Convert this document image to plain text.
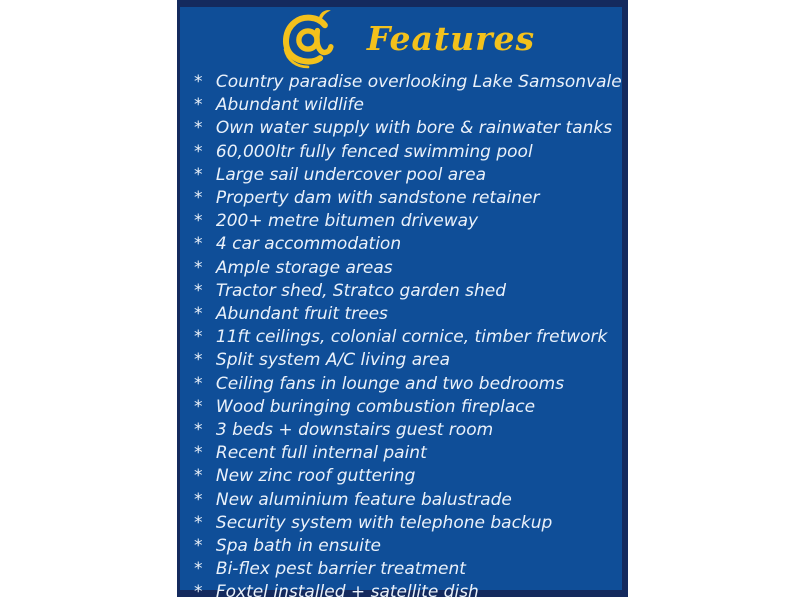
Features
* Country paradise overlooking Lake Samsonvale
* Abundant wildlife
* Own water supply with bore & rainwater tanks
* 60,000ltr fully fenced swimming pool
* Large sail undercover pool area
* Property dam with sandstone retainer
* 200+ metre bitumen driveway
* 4 car accommodation
* Ample storage areas
* Tractor shed, Stratco garden shed
* Abundant fruit trees
* 11ft ceilings, colonial cornice, timber fretwork
* Split system A/C living area
* Ceiling fans in lounge and two bedrooms
* Wood buringing combustion fireplace
* 3 beds + downstairs guest room
* Recent full internal paint
* New zinc roof guttering
* New aluminium feature balustrade
* Security system with telephone backup
* Spa bath in ensuite
* Bi-flex pest barrier treatment
* Foxtel installed + satellite dish
